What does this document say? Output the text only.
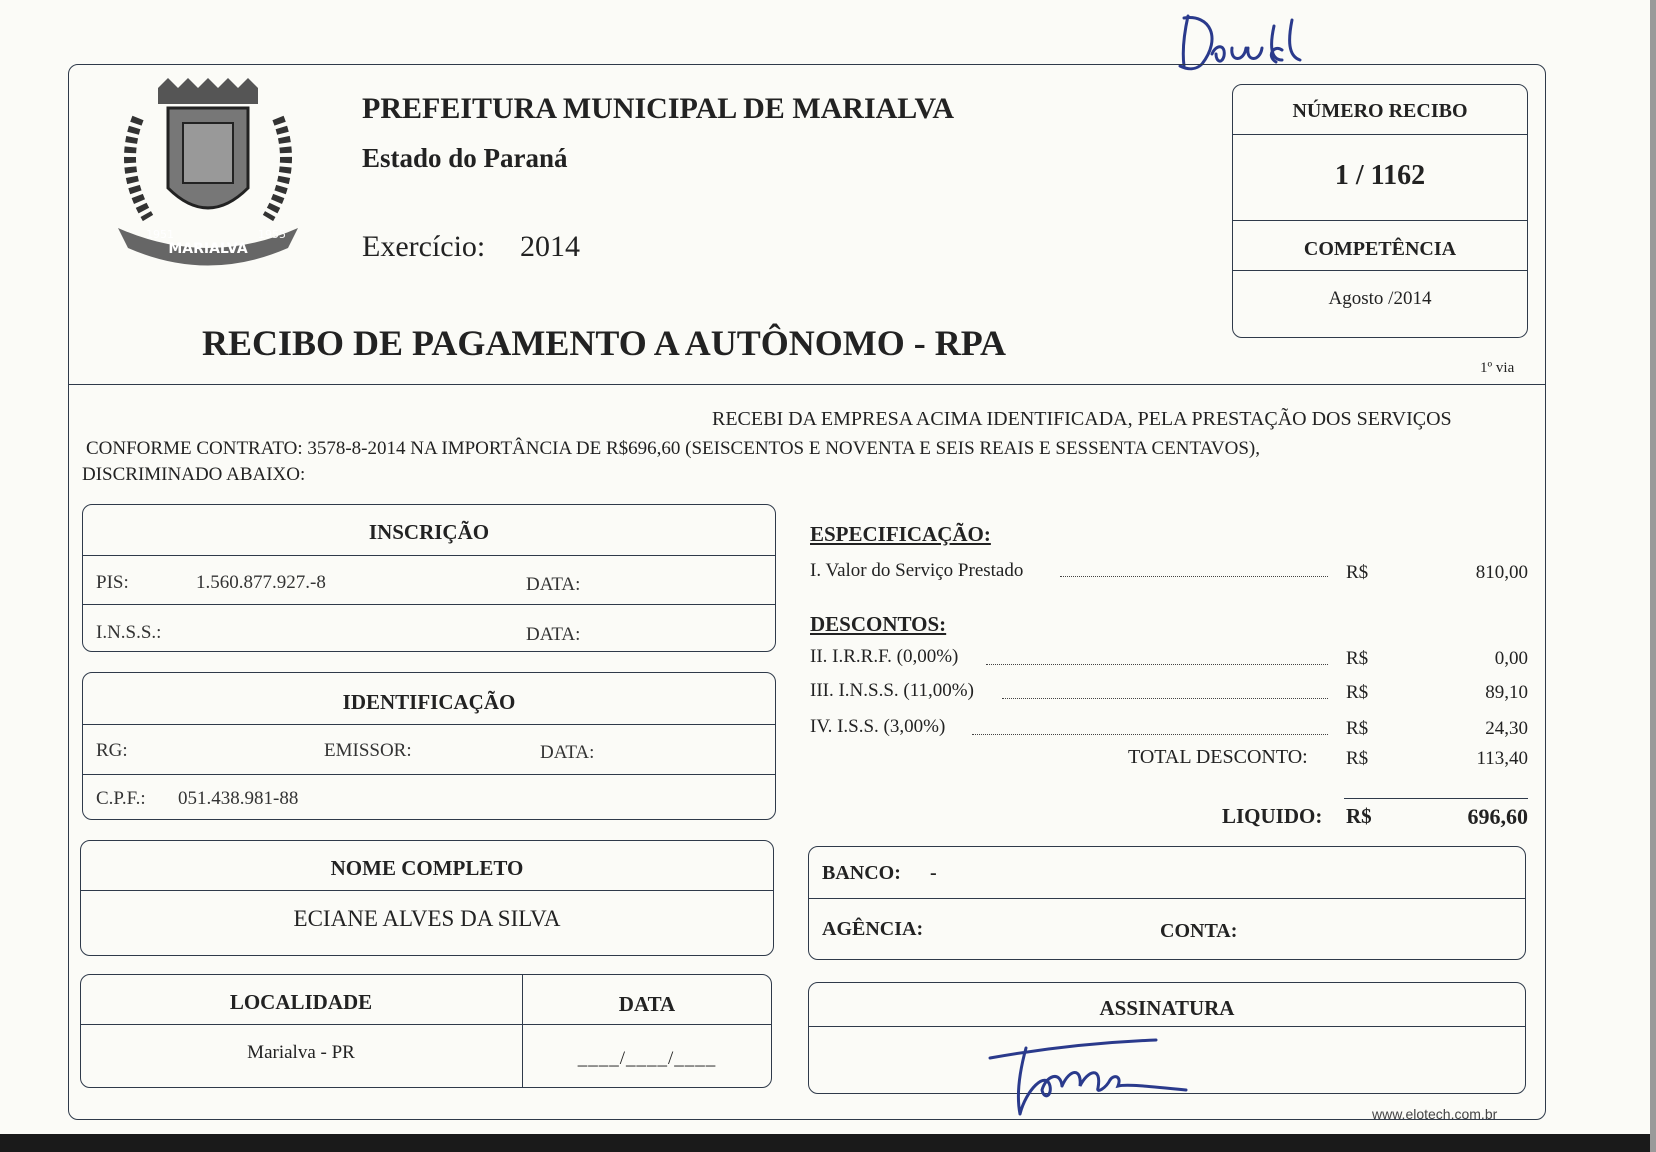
MARIALVA
1951	1955
PREFEITURA MUNICIPAL DE MARIALVA
Estado do Paraná
Exercício: 2014
RECIBO DE PAGAMENTO A AUTÔNOMO - RPA
NÚMERO RECIBO
1 / 1162
COMPETÊNCIA
Agosto /2014
1º via
RECEBI DA EMPRESA ACIMA IDENTIFICADA, PELA PRESTAÇÃO DOS SERVIÇOS
CONFORME CONTRATO: 3578-8-2014 NA IMPORTÂNCIA DE R$696,60 (SEISCENTOS E NOVENTA E SEIS REAIS E SESSENTA CENTAVOS),
DISCRIMINADO ABAIXO:
INSCRIÇÃO
PIS:	1.560.877.927.-8	DATA:
I.N.S.S.:	DATA:
IDENTIFICAÇÃO
RG:	EMISSOR:	DATA:
C.P.F.: 051.438.981-88
NOME COMPLETO
ECIANE ALVES DA SILVA
LOCALIDADE	DATA
Marialva - PR	____/____/____
ESPECIFICAÇÃO:
I. Valor do Serviço Prestado	R$	810,00
DESCONTOS:
II. I.R.R.F. (0,00%)	R$	0,00
III. I.N.S.S. (11,00%)	R$	89,10
IV. I.S.S. (3,00%)	R$	24,30
TOTAL DESCONTO: R$	113,40
LIQUIDO: R$	696,60
BANCO: -
AGÊNCIA:	CONTA:
ASSINATURA
www.elotech.com.br
